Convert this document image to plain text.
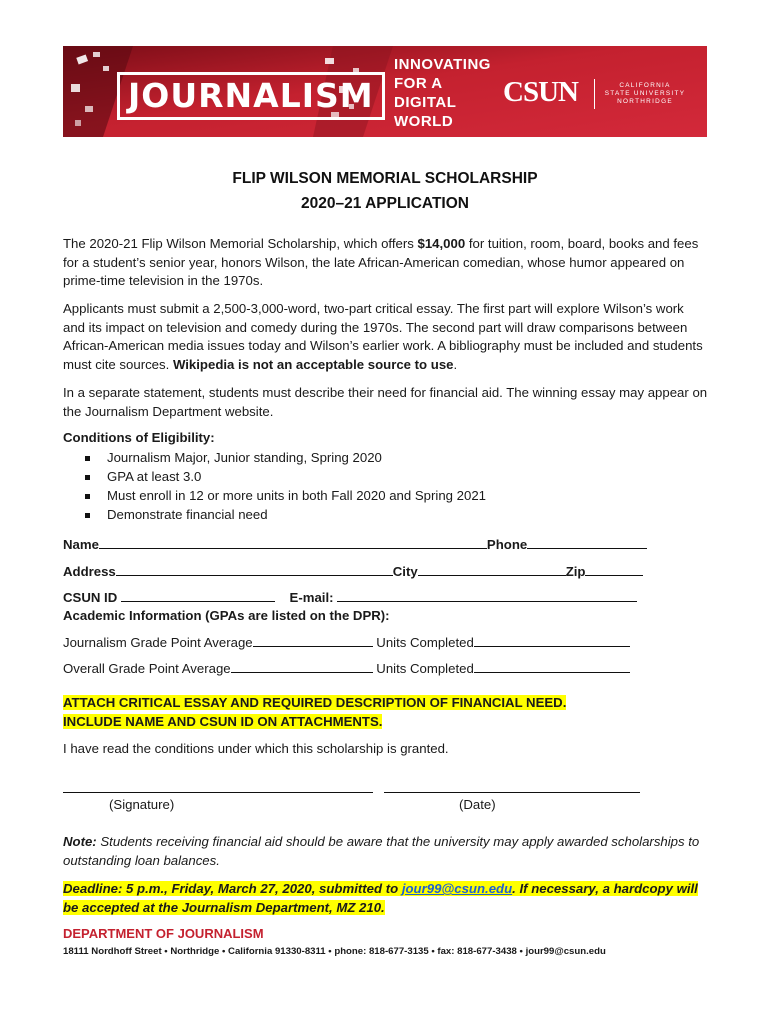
JOURNALISM
INNOVATING
FOR A
DIGITAL
WORLD
CSUN	CALIFORNIA
STATE UNIVERSITY
NORTHRIDGE
FLIP WILSON MEMORIAL SCHOLARSHIP
2020–21 APPLICATION

The 2020-21 Flip Wilson Memorial Scholarship, which offers $14,000 for tuition, room, board, books and fees for a student’s senior year, honors Wilson, the late African-American comedian, whose humor appeared on prime-time television in the 1970s.

Applicants must submit a 2,500-3,000-word, two-part critical essay. The first part will explore Wilson’s work and its impact on television and comedy during the 1970s. The second part will draw comparisons between African-American media issues today and Wilson’s earlier work. A bibliography must be included and students must cite sources. Wikipedia is not an acceptable source to use.

In a separate statement, students must describe their need for financial aid. The winning essay may appear on the Journalism Department website.

Conditions of Eligibility:
Journalism Major, Junior standing, Spring 2020
GPA at least 3.0
Must enroll in 12 or more units in both Fall 2020 and Spring 2021
Demonstrate financial need
Name	Phone
Address	City	Zip
CSUN ID	E-mail:
Academic Information (GPAs are listed on the DPR):
Journalism Grade Point Average	Units Completed
Overall Grade Point Average	Units Completed
ATTACH CRITICAL ESSAY AND REQUIRED DESCRIPTION OF FINANCIAL NEED.
INCLUDE NAME AND CSUN ID ON ATTACHMENTS.
I have read the conditions under which this scholarship is granted.
(Signature)	(Date)
Note: Students receiving financial aid should be aware that the university may apply awarded scholarships to outstanding loan balances.
Deadline: 5 p.m., Friday, March 27, 2020, submitted to jour99@csun.edu. If necessary, a hardcopy will be accepted at the Journalism Department, MZ 210.
DEPARTMENT OF JOURNALISM
18111 Nordhoff Street • Northridge • California 91330-8311 • phone: 818-677-3135 • fax: 818-677-3438 • jour99@csun.edu
